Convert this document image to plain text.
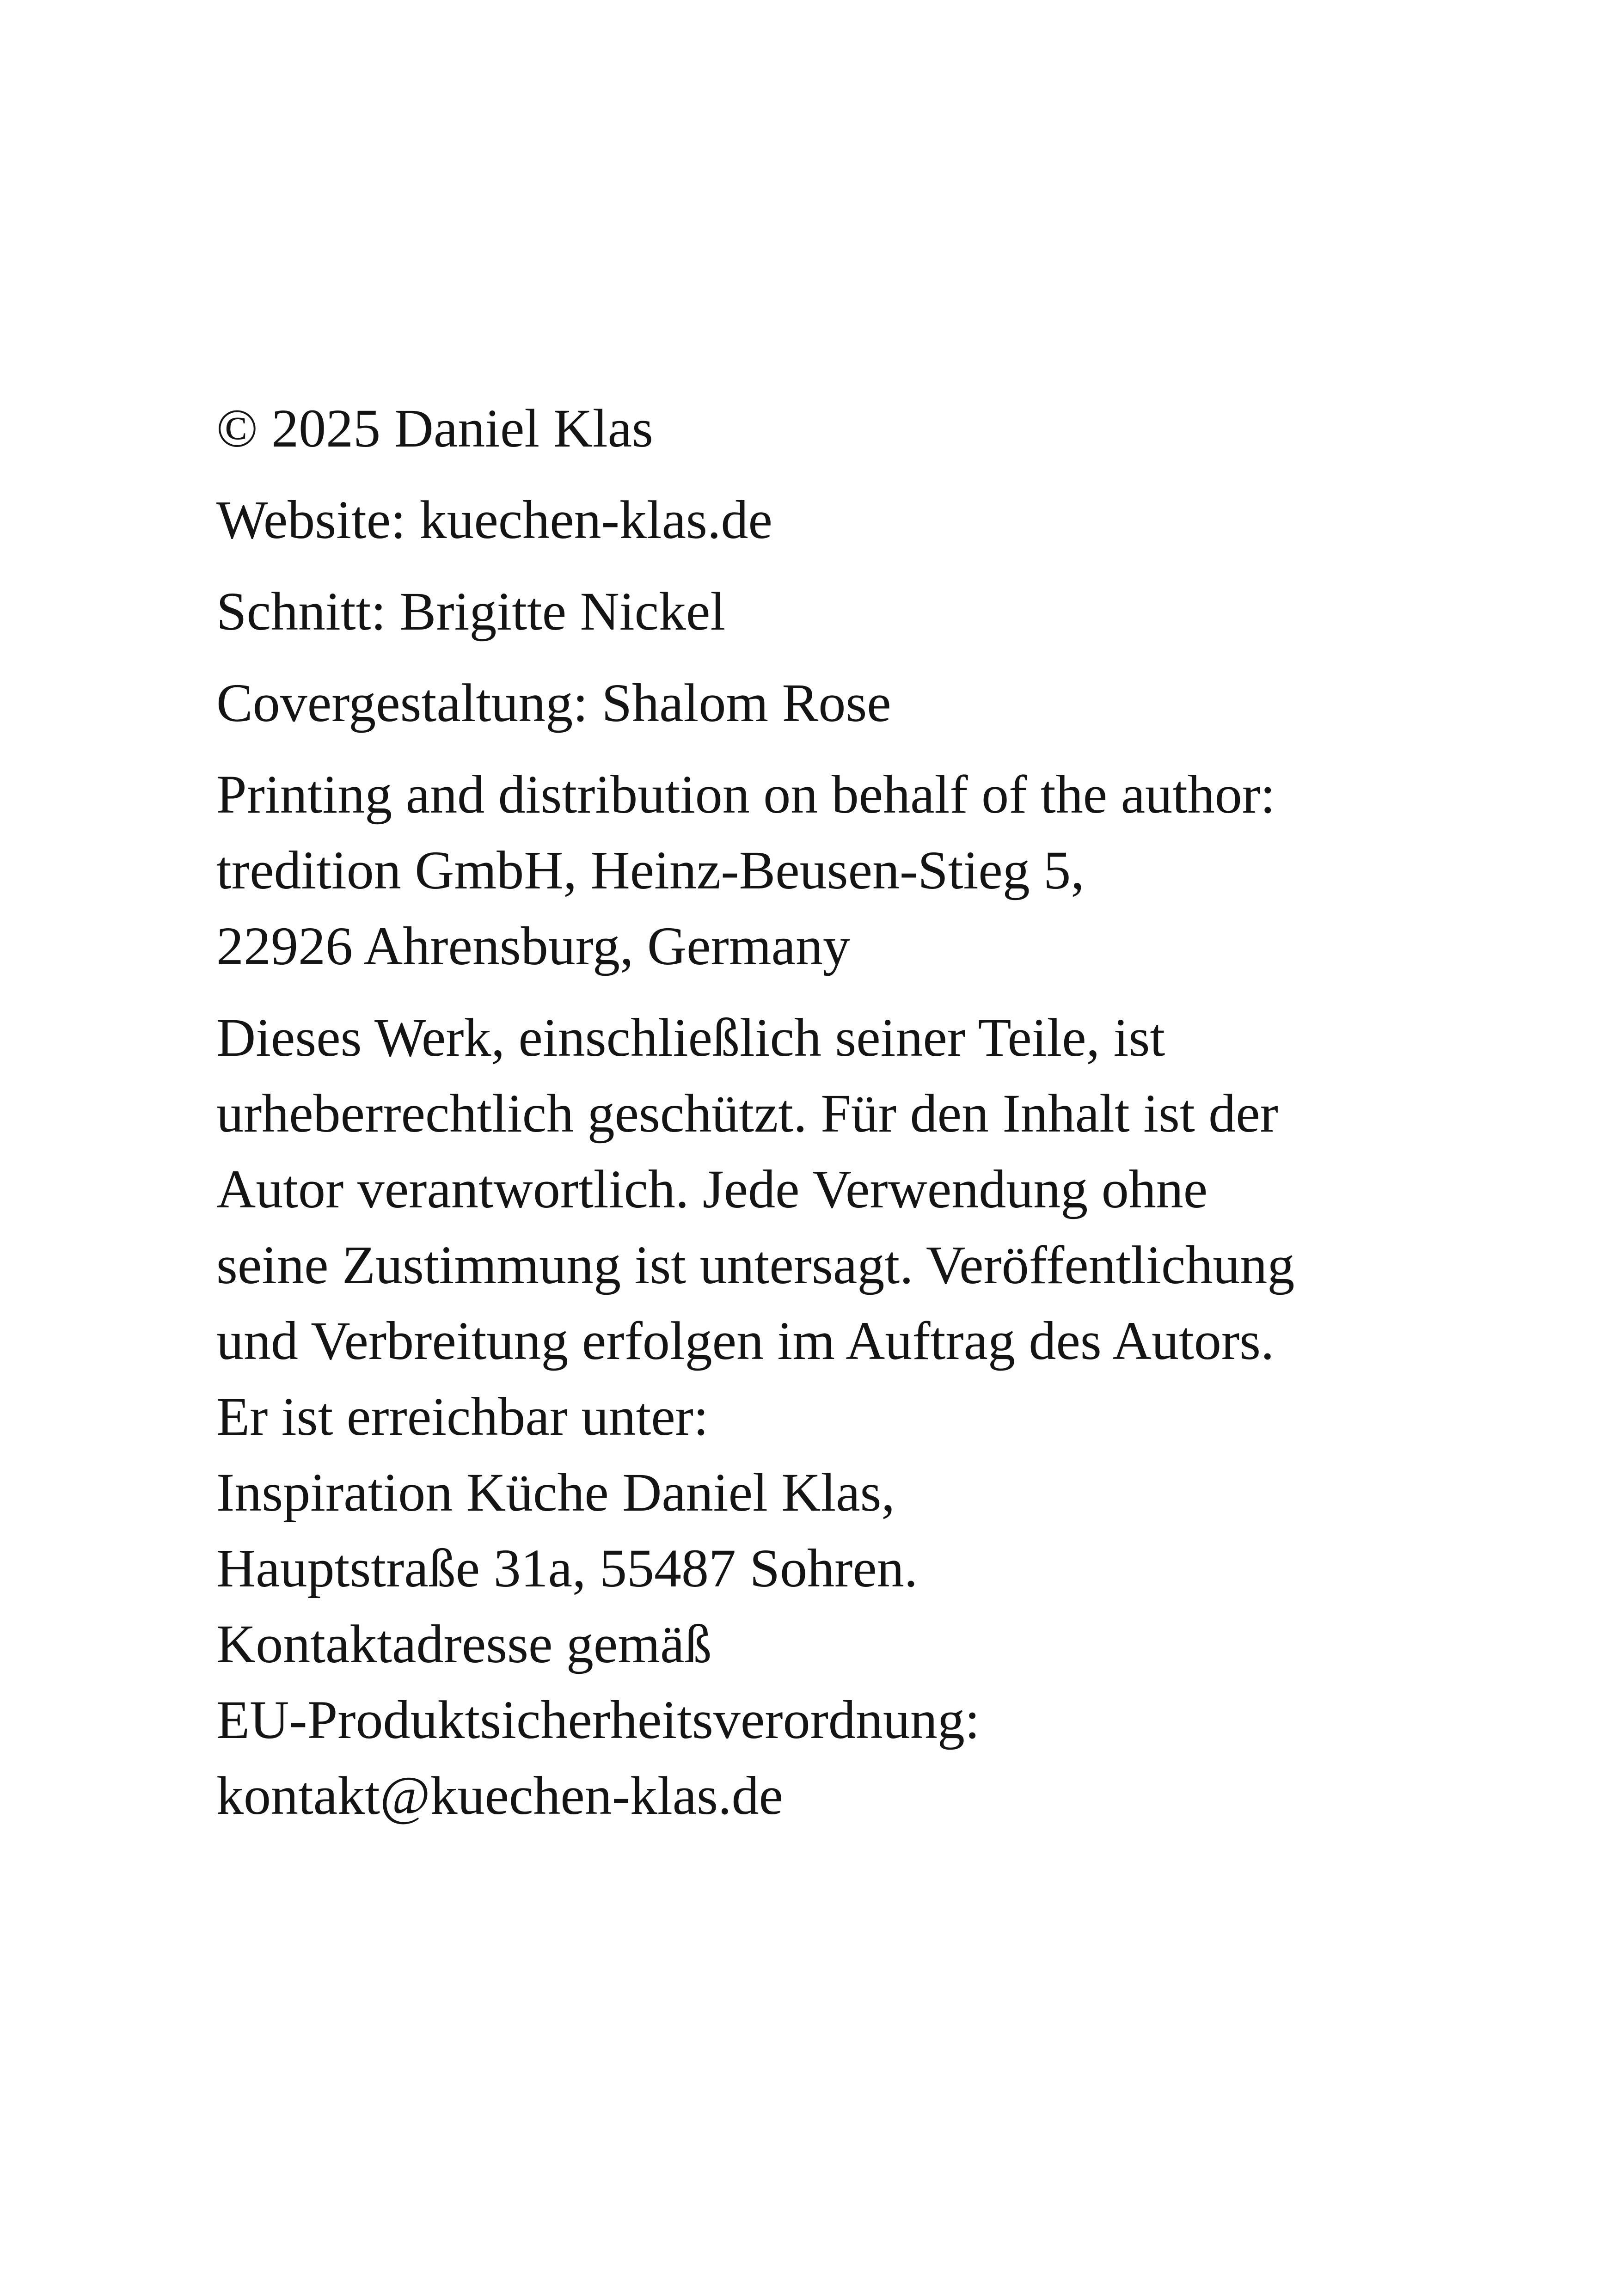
© 2025 Daniel Klas
Website: kuechen-klas.de
Schnitt: Brigitte Nickel
Covergestaltung: Shalom Rose
Printing and distribution on behalf of the author:
tredition GmbH, Heinz-Beusen-Stieg 5,
22926 Ahrensburg, Germany
Dieses Werk, einschließlich seiner Teile, ist
urheberrechtlich geschützt. Für den Inhalt ist der
Autor verantwortlich. Jede Verwendung ohne
seine Zustimmung ist untersagt. Veröffentlichung
und Verbreitung erfolgen im Auftrag des Autors.
Er ist erreichbar unter:
Inspiration Küche Daniel Klas,
Hauptstraße 31a, 55487 Sohren.
Kontaktadresse gemäß
EU-Produktsicherheitsverordnung:
kontakt@kuechen-klas.de
